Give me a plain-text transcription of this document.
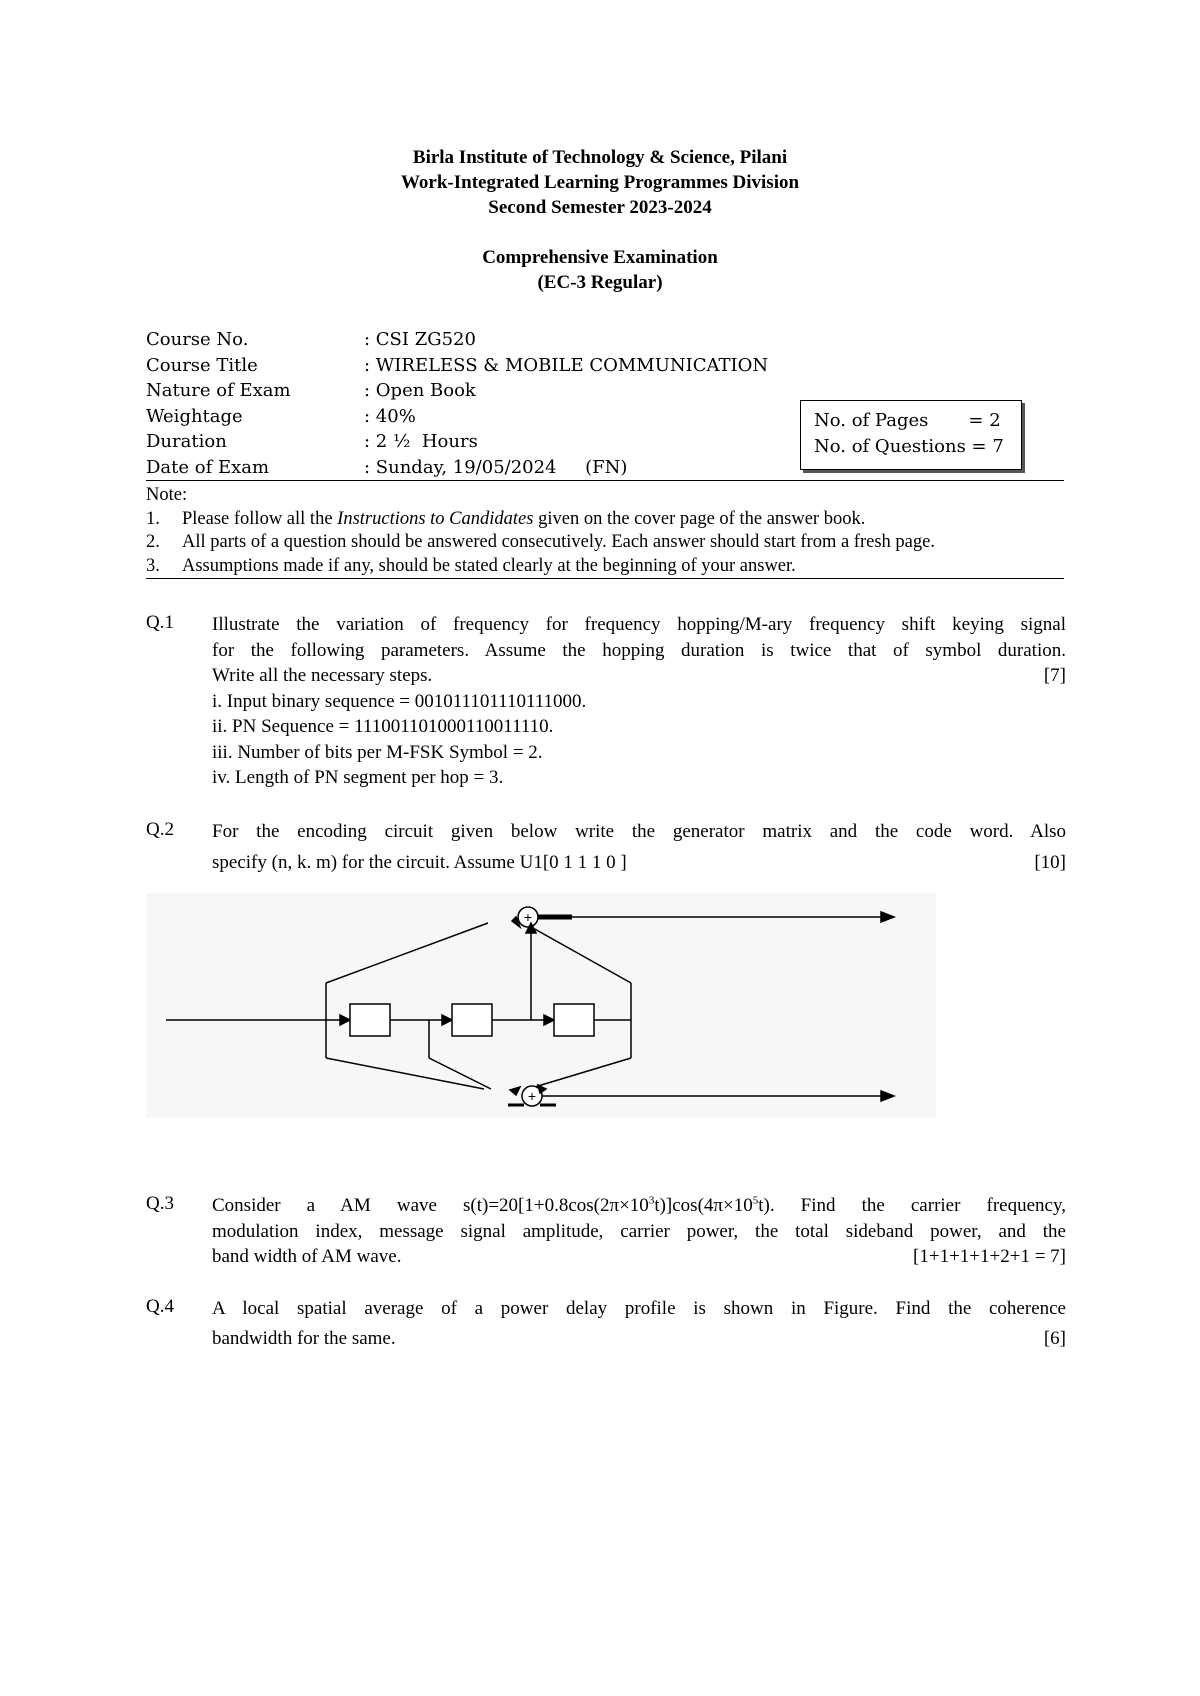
Birla Institute of Technology & Science, Pilani
Work-Integrated Learning Programmes Division
Second Semester 2023-2024
Comprehensive Examination
(EC-3 Regular)
Course No.	: CSI ZG520
Course Title	: WIRELESS & MOBILE COMMUNICATION
Nature of Exam	: Open Book
Weightage	: 40%
Duration	: 2 ½  Hours
Date of Exam	: Sunday, 19/05/2024     (FN)
No. of Pages       = 2
No. of Questions = 7
Note:
1. Please follow all the Instructions to Candidates given on the cover page of the answer book.
2. All parts of a question should be answered consecutively. Each answer should start from a fresh page.
3. Assumptions made if any, should be stated clearly at the beginning of your answer.
Q.1 Illustrate the variation of frequency for frequency hopping/M-ary frequency shift keying signal
for the following parameters. Assume the hopping duration is twice that of symbol duration.
Write all the necessary steps.	[7]
i. Input binary sequence = 001011101110111000.
ii. PN Sequence = 111001101000110011110.
iii. Number of bits per M-FSK Symbol = 2.
iv. Length of PN segment per hop = 3.
Q.2 For the encoding circuit given below write the generator matrix and the code word. Also
specify (n, k. m) for the circuit. Assume U1[0 1 1 1 0 ]	[10]
+
+
Q.3 Consider a AM wave $s(t)=20[1+0.8\cos(2\pi\times 10^3t)]\cos(4\pi\times 10^5t)$. Find the carrier frequency,
modulation index, message signal amplitude, carrier power, the total sideband power, and the
band width of AM wave.	[1+1+1+1+2+1 = 7]
Q.4 A local spatial average of a power delay profile is shown in Figure. Find the coherence
bandwidth for the same.	[6]
